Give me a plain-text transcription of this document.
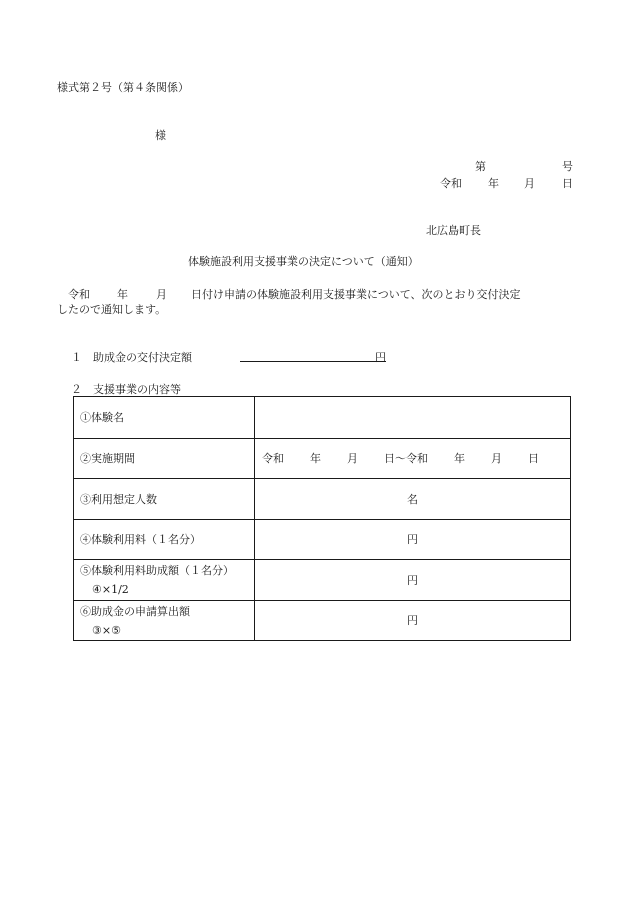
様式第２号（第４条関係）
様
第	号
令和 年 月 日
北広島町長
体験施設利用支援事業の決定について（通知）
令和 年	月 日付け申請の体験施設利用支援事業について、次のとおり交付決定
したので通知します。
１　助成金の交付決定額	円
２　支援事業の内容等
①体験名	
②実施期間	令和 年 月 日～令和 年 月 日

③利用想定人数	名
④体験利用料（１名分）	円

⑤体験利用料助成額（１名分）
④×1/2	円

⑥助成金の申請算出額
③×⑤	円
